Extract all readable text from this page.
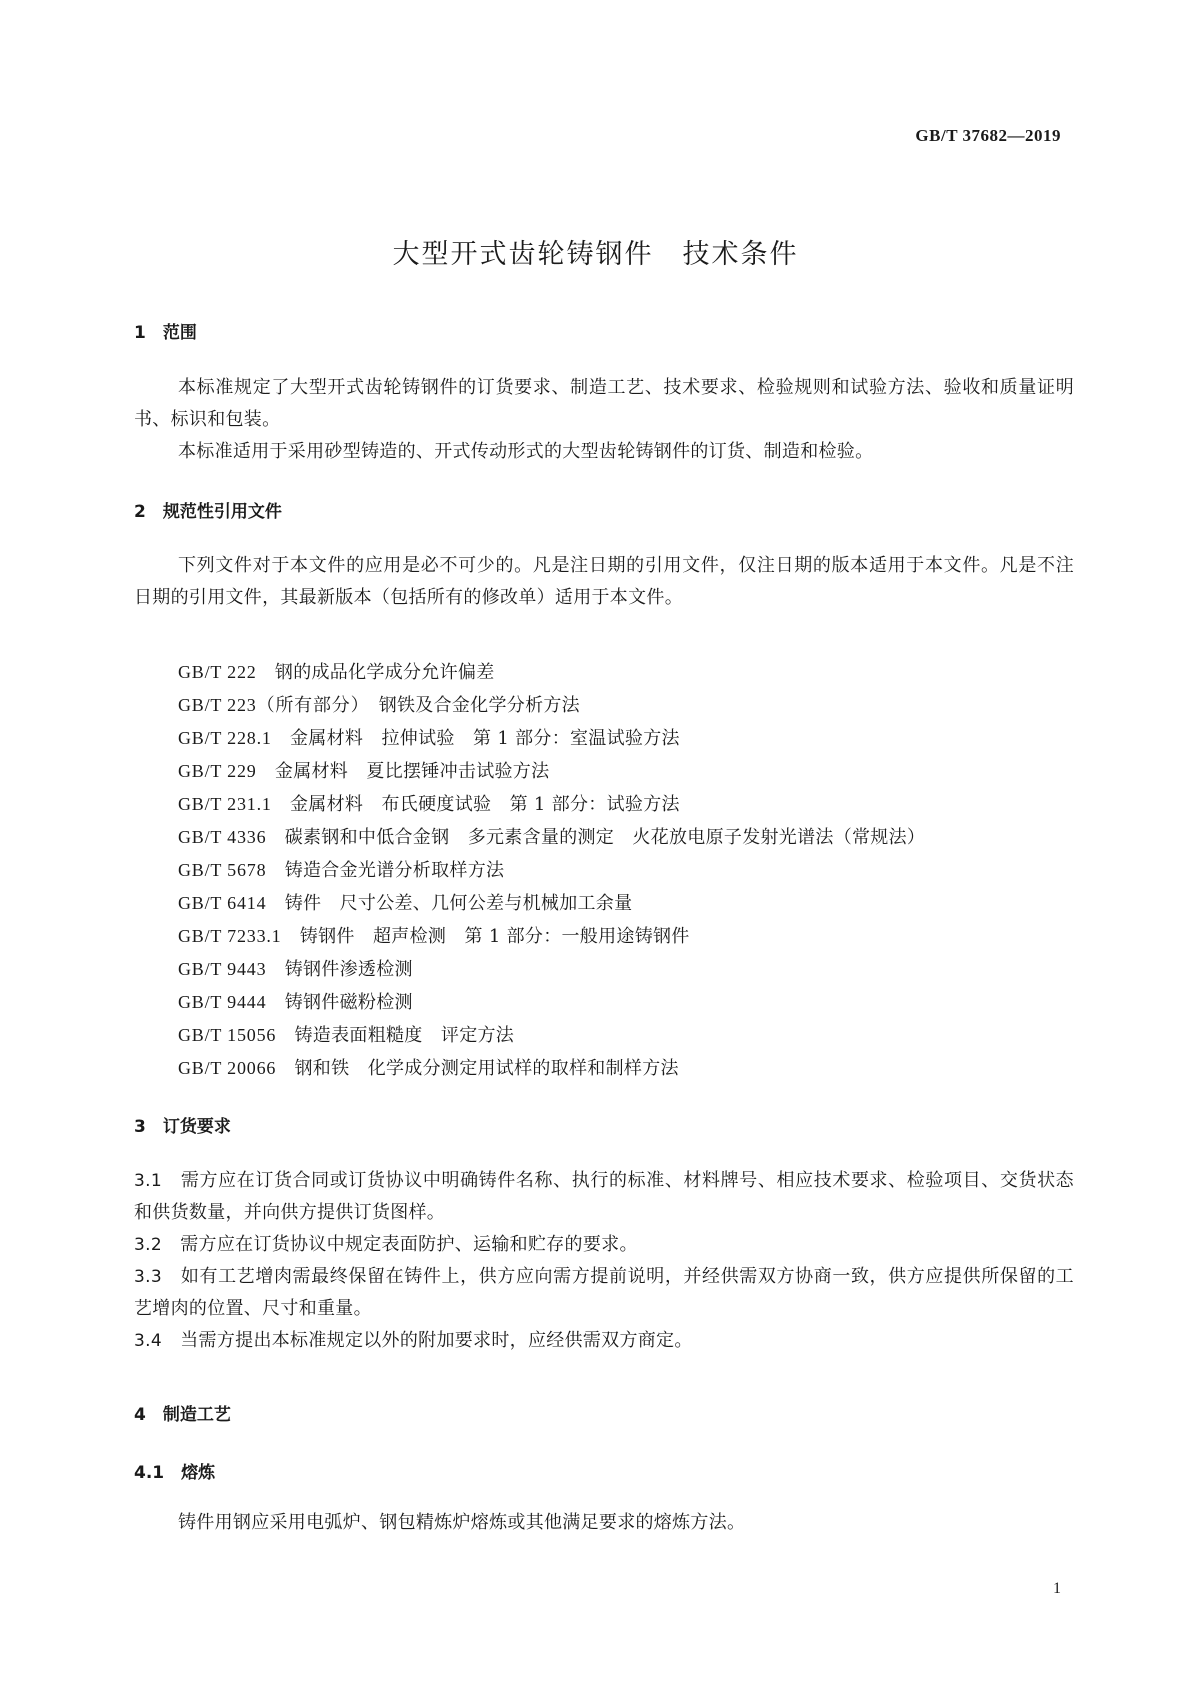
GB/T 37682—2019
大型开式齿轮铸钢件　技术条件
1　范围
本标准规定了大型开式齿轮铸钢件的订货要求、制造工艺、技术要求、检验规则和试验方法、验收和质量证明书、标识和包装。
本标准适用于采用砂型铸造的、开式传动形式的大型齿轮铸钢件的订货、制造和检验。
2　规范性引用文件
下列文件对于本文件的应用是必不可少的。凡是注日期的引用文件，仅注日期的版本适用于本文件。凡是不注日期的引用文件，其最新版本（包括所有的修改单）适用于本文件。
GB/T 222　 钢的成品化学成分允许偏差
GB/T 223（所有部分）　 钢铁及合金化学分析方法
GB/T 228.1　 金属材料　拉伸试验　第 1 部分：室温试验方法
GB/T 229　 金属材料　夏比摆锤冲击试验方法
GB/T 231.1　 金属材料　布氏硬度试验　第 1 部分：试验方法
GB/T 4336　 碳素钢和中低合金钢　多元素含量的测定　火花放电原子发射光谱法（常规法）
GB/T 5678　 铸造合金光谱分析取样方法
GB/T 6414　 铸件　尺寸公差、几何公差与机械加工余量
GB/T 7233.1　 铸钢件　超声检测　第 1 部分：一般用途铸钢件
GB/T 9443　 铸钢件渗透检测
GB/T 9444　 铸钢件磁粉检测
GB/T 15056　 铸造表面粗糙度　评定方法
GB/T 20066　 钢和铁　化学成分测定用试样的取样和制样方法
3　订货要求
3.1　 需方应在订货合同或订货协议中明确铸件名称、执行的标准、材料牌号、相应技术要求、检验项目、交货状态和供货数量，并向供方提供订货图样。
3.2　 需方应在订货协议中规定表面防护、运输和贮存的要求。
3.3　 如有工艺增肉需最终保留在铸件上，供方应向需方提前说明，并经供需双方协商一致，供方应提供所保留的工艺增肉的位置、尺寸和重量。
3.4　 当需方提出本标准规定以外的附加要求时，应经供需双方商定。
4　制造工艺
4.1　熔炼
铸件用钢应采用电弧炉、钢包精炼炉熔炼或其他满足要求的熔炼方法。
1
